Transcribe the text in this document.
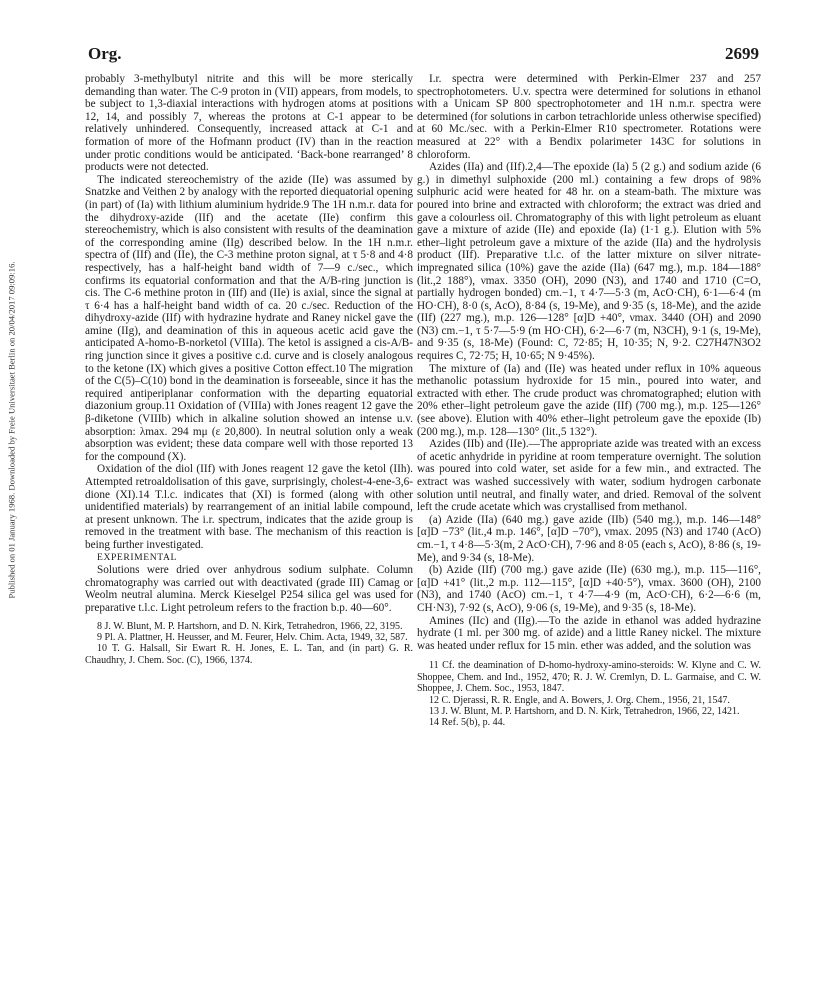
Org.	2699
Published on 01 January 1968. Downloaded by Freie Universitaet Berlin on 20/04/2017 09:09:16.

probably 3-methylbutyl nitrite and this will be more sterically demanding than water. The C-9 proton in (VII) appears, from models, to be subject to 1,3-diaxial interactions with hydrogen atoms at positions 12, 14, and possibly 7, whereas the protons at C-1 appear to be relatively unhindered. Consequently, increased attack at C-1 and formation of more of the Hofmann product (IV) than in the reaction under protic conditions would be anticipated. ‘Back-bone rearranged’ 8 products were not detected.

The indicated stereochemistry of the azide (IIe) was assumed by Snatzke and Veithen 2 by analogy with the reported diequatorial opening (in part) of (Ia) with lithium aluminium hydride.9 The 1H n.m.r. data for the dihydroxy-azide (IIf) and the acetate (IIe) confirm this stereochemistry, which is also consistent with results of the deamination of the corresponding amine (IIg) described below. In the 1H n.m.r. spectra of (IIf) and (IIe), the C-3 methine proton signal, at τ 5·8 and 4·8 respectively, has a half-height band width of 7—9 c./sec., which confirms its equatorial conformation and that the A/B-ring junction is cis. The C-6 methine proton in (IIf) and (IIe) is axial, since the signal at τ 6·4 has a half-height band width of ca. 20 c./sec. Reduction of the dihydroxy-azide (IIf) with hydrazine hydrate and Raney nickel gave the amine (IIg), and deamination of this in aqueous acetic acid gave the anticipated A-homo-B-norketol (VIIIa). The ketol is assigned a cis-A/B-ring junction since it gives a positive c.d. curve and is closely analogous to the ketone (IX) which gives a positive Cotton effect.10 The migration of the C(5)–C(10) bond in the deamination is forseeable, since it has the required antiperiplanar conformation with the departing equatorial diazonium group.11 Oxidation of (VIIIa) with Jones reagent 12 gave the β-diketone (VIIIb) which in alkaline solution showed an intense u.v. absorption: λmax. 294 mμ (ε 20,800). In neutral solution only a weak absorption was evident; these data compare well with those reported 13 for the compound (X).

Oxidation of the diol (IIf) with Jones reagent 12 gave the ketol (IIh). Attempted retroaldolisation of this gave, surprisingly, cholest-4-ene-3,6-dione (XI).14 T.l.c. indicates that (XI) is formed (along with other unidentified materials) by rearrangement of an initial labile compound, at present unknown. The i.r. spectrum, indicates that the azide group is removed in the treatment with base. The mechanism of this reaction is being further investigated.

EXPERIMENTAL

Solutions were dried over anhydrous sodium sulphate. Column chromatography was carried out with deactivated (grade III) Camag or Weolm neutral alumina. Merck Kieselgel P254 silica gel was used for preparative t.l.c. Light petroleum refers to the fraction b.p. 40—60°.

8 J. W. Blunt, M. P. Hartshorn, and D. N. Kirk, Tetrahedron, 1966, 22, 3195.

9 Pl. A. Plattner, H. Heusser, and M. Feurer, Helv. Chim. Acta, 1949, 32, 587.

10 T. G. Halsall, Sir Ewart R. H. Jones, E. L. Tan, and (in part) G. R. Chaudhry, J. Chem. Soc. (C), 1966, 1374.

I.r. spectra were determined with Perkin-Elmer 237 and 257 spectrophotometers. U.v. spectra were determined for solutions in ethanol with a Unicam SP 800 spectrophotometer and 1H n.m.r. spectra were determined (for solutions in carbon tetrachloride unless otherwise specified) at 60 Mc./sec. with a Perkin-Elmer R10 spectrometer. Rotations were measured at 22° with a Bendix polarimeter 143C for solutions in chloroform.

Azides (IIa) and (IIf).2,4—The epoxide (Ia) 5 (2 g.) and sodium azide (6 g.) in dimethyl sulphoxide (200 ml.) containing a few drops of 98% sulphuric acid were heated for 48 hr. on a steam-bath. The mixture was poured into brine and extracted with chloroform; the extract was dried and gave a colourless oil. Chromatography of this with light petroleum as eluant gave a mixture of azide (IIe) and epoxide (Ia) (1·1 g.). Elution with 5% ether–light petroleum gave a mixture of the azide (IIa) and the hydrolysis product (IIf). Preparative t.l.c. of the latter mixture on silver nitrate-impregnated silica (10%) gave the azide (IIa) (647 mg.), m.p. 184—188° (lit.,2 188°), νmax. 3350 (OH), 2090 (N3), and 1740 and 1710 (C=O, partially hydrogen bonded) cm.−1, τ 4·7—5·3 (m, AcO·CH), 6·1—6·4 (m HO·CH), 8·0 (s, AcO), 8·84 (s, 19-Me), and 9·35 (s, 18-Me), and the azide (IIf) (227 mg.), m.p. 126—128° [α]D +40°, νmax. 3440 (OH) and 2090 (N3) cm.−1, τ 5·7—5·9 (m HO·CH), 6·2—6·7 (m, N3CH), 9·1 (s, 19-Me), and 9·35 (s, 18-Me) (Found: C, 72·85; H, 10·35; N, 9·2. C27H47N3O2 requires C, 72·75; H, 10·65; N 9·45%).

The mixture of (Ia) and (IIe) was heated under reflux in 10% aqueous methanolic potassium hydroxide for 15 min., poured into water, and extracted with ether. The crude product was chromatographed; elution with 20% ether–light petroleum gave the azide (IIf) (700 mg.), m.p. 125—126° (see above). Elution with 40% ether–light petroleum gave the epoxide (Ib) (200 mg.), m.p. 128—130° (lit.,5 132°).

Azides (IIb) and (IIe).—The appropriate azide was treated with an excess of acetic anhydride in pyridine at room temperature overnight. The solution was poured into cold water, set aside for a few min., and extracted. The extract was washed successively with water, sodium hydrogen carbonate solution until neutral, and finally water, and dried. Removal of the solvent left the crude acetate which was crystallised from methanol.

(a) Azide (IIa) (640 mg.) gave azide (IIb) (540 mg.), m.p. 146—148° [α]D −73° (lit.,4 m.p. 146°, [α]D −70°), νmax. 2095 (N3) and 1740 (AcO) cm.−1, τ 4·8—5·3(m, 2 AcO·CH), 7·96 and 8·05 (each s, AcO), 8·86 (s, 19-Me), and 9·34 (s, 18-Me).

(b) Azide (IIf) (700 mg.) gave azide (IIe) (630 mg.), m.p. 115—116°, [α]D +41° (lit.,2 m.p. 112—115°, [α]D +40·5°), νmax. 3600 (OH), 2100 (N3), and 1740 (AcO) cm.−1, τ 4·7—4·9 (m, AcO·CH), 6·2—6·6 (m, CH·N3), 7·92 (s, AcO), 9·06 (s, 19-Me), and 9·35 (s, 18-Me).

Amines (IIc) and (IIg).—To the azide in ethanol was added hydrazine hydrate (1 ml. per 300 mg. of azide) and a little Raney nickel. The mixture was heated under reflux for 15 min. ether was added, and the solution was

11 Cf. the deamination of D-homo-hydroxy-amino-steroids: W. Klyne and C. W. Shoppee, Chem. and Ind., 1952, 470; R. J. W. Cremlyn, D. L. Garmaise, and C. W. Shoppee, J. Chem. Soc., 1953, 1847.

12 C. Djerassi, R. R. Engle, and A. Bowers, J. Org. Chem., 1956, 21, 1547.

13 J. W. Blunt, M. P. Hartshorn, and D. N. Kirk, Tetrahedron, 1966, 22, 1421.

14 Ref. 5(b), p. 44.
